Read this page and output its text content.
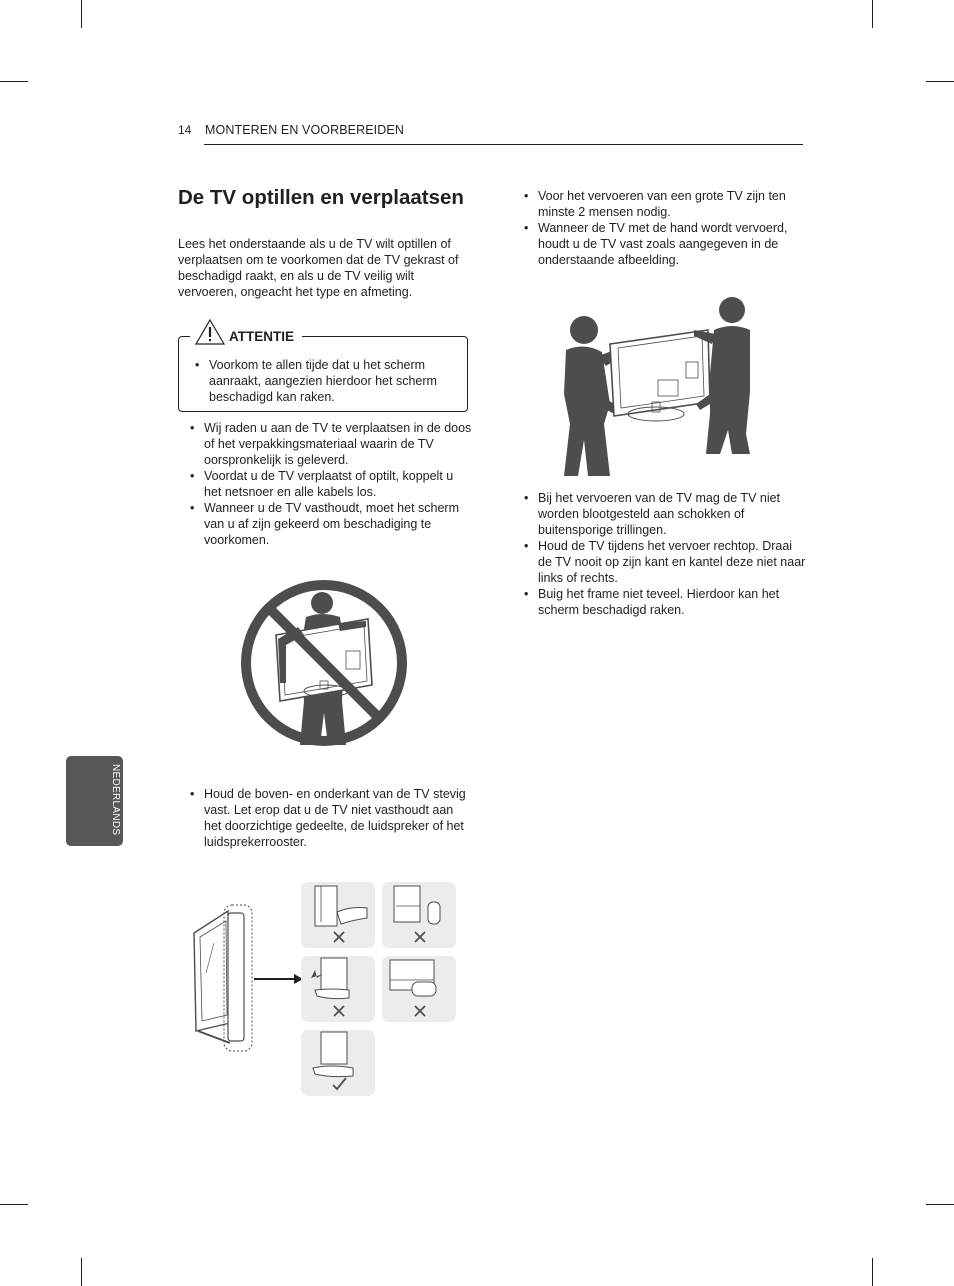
14 MONTEREN EN VOORBEREIDEN
De TV optillen en verplaatsen

Lees het onderstaande als u de TV wilt optillen of verplaatsen om te voorkomen dat de TV gekrast of beschadigd raakt, en als u de TV veilig wilt vervoeren, ongeacht het type en afmeting.

ATTENTIE
• Voorkom te allen tijde dat u het scherm aanraakt, aangezien hierdoor het scherm beschadigd kan raken.
• Wij raden u aan de TV te verplaatsen in de doos of het verpakkingsmateriaal waarin de TV oorspronkelijk is geleverd.
• Voordat u de TV verplaatst of optilt, koppelt u het netsnoer en alle kabels los.
• Wanneer u de TV vasthoudt, moet het scherm van u af zijn gekeerd om beschadiging te voorkomen.
• Houd de boven- en onderkant van de TV stevig vast. Let erop dat u de TV niet vasthoudt aan het doorzichtige gedeelte, de luidspreker of het luidsprekerrooster.
• Voor het vervoeren van een grote TV zijn ten minste 2 mensen nodig.
• Wanneer de TV met de hand wordt vervoerd, houdt u de TV vast zoals aangegeven in de onderstaande afbeelding.
• Bij het vervoeren van de TV mag de TV niet worden blootgesteld aan schokken of buitensporige trillingen.
• Houd de TV tijdens het vervoer rechtop. Draai de TV nooit op zijn kant en kantel deze niet naar links of rechts.
• Buig het frame niet teveel. Hierdoor kan het scherm beschadigd raken.
NEDERLANDS
